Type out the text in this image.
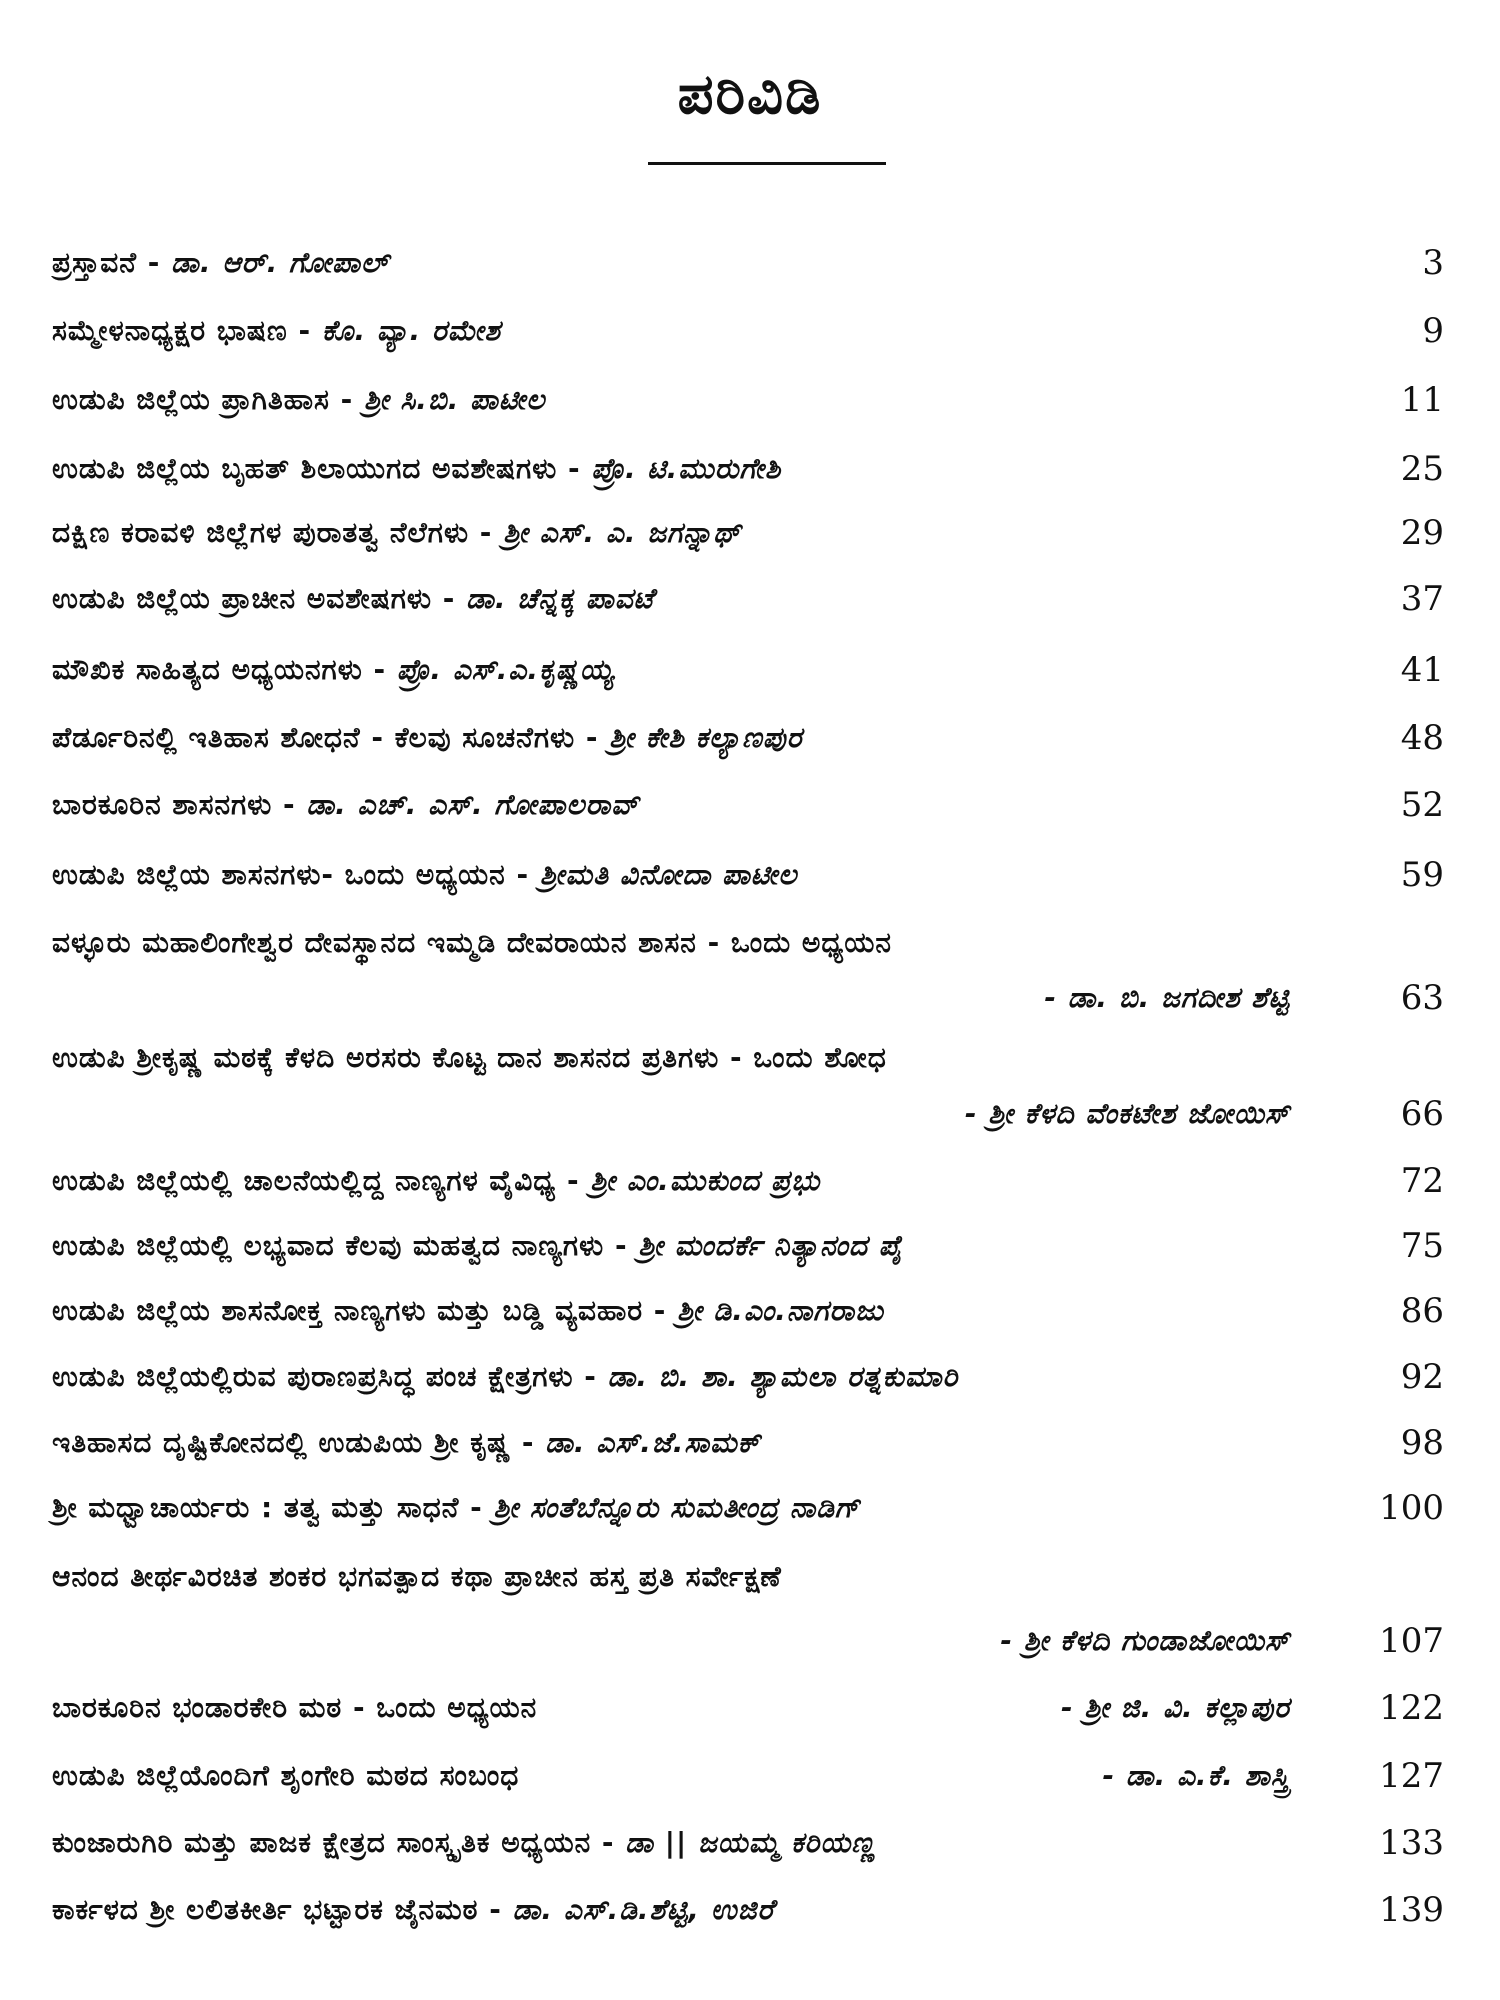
ಪರಿವಿಡಿ
ಪ್ರಸ್ತಾವನೆ - ಡಾ. ಆರ್. ಗೋಪಾಲ್	3
ಸಮ್ಮೇಳನಾಧ್ಯಕ್ಷರ ಭಾಷಣ - ಕೊ. ವ್ಯಾ. ರಮೇಶ	9
ಉಡುಪಿ ಜಿಲ್ಲೆಯ ಪ್ರಾಗಿತಿಹಾಸ - ಶ್ರೀ ಸಿ.ಬಿ. ಪಾಟೀಲ	11
ಉಡುಪಿ ಜಿಲ್ಲೆಯ ಬೃಹತ್ ಶಿಲಾಯುಗದ ಅವಶೇಷಗಳು - ಪ್ರೊ. ಟಿ.ಮುರುಗೇಶಿ	25
ದಕ್ಷಿಣ ಕರಾವಳಿ ಜಿಲ್ಲೆಗಳ ಪುರಾತತ್ವ ನೆಲೆಗಳು - ಶ್ರೀ ಎಸ್. ಎ. ಜಗನ್ನಾಥ್	29
ಉಡುಪಿ ಜಿಲ್ಲೆಯ ಪ್ರಾಚೀನ ಅವಶೇಷಗಳು - ಡಾ. ಚೆನ್ನಕ್ಕ ಪಾವಟೆ	37
ಮೌಖಿಕ ಸಾಹಿತ್ಯದ ಅಧ್ಯಯನಗಳು - ಪ್ರೊ. ಎಸ್.ಎ.ಕೃಷ್ಣಯ್ಯ	41
ಪೆರ್ಡೂರಿನಲ್ಲಿ ಇತಿಹಾಸ ಶೋಧನೆ - ಕೆಲವು ಸೂಚನೆಗಳು - ಶ್ರೀ ಕೇಶಿ ಕಲ್ಯಾಣಪುರ	48
ಬಾರಕೂರಿನ ಶಾಸನಗಳು - ಡಾ. ಎಚ್. ಎಸ್. ಗೋಪಾಲರಾವ್	52
ಉಡುಪಿ ಜಿಲ್ಲೆಯ ಶಾಸನಗಳು- ಒಂದು ಅಧ್ಯಯನ - ಶ್ರೀಮತಿ ವಿನೋದಾ ಪಾಟೀಲ	59
ವಳ್ಳೂರು ಮಹಾಲಿಂಗೇಶ್ವರ ದೇವಸ್ಥಾನದ ಇಮ್ಮಡಿ ದೇವರಾಯನ ಶಾಸನ - ಒಂದು ಅಧ್ಯಯನ
- ಡಾ. ಬಿ. ಜಗದೀಶ ಶೆಟ್ಟಿ	63
ಉಡುಪಿ ಶ್ರೀಕೃಷ್ಣ ಮಠಕ್ಕೆ ಕೆಳದಿ ಅರಸರು ಕೊಟ್ಟ ದಾನ ಶಾಸನದ ಪ್ರತಿಗಳು - ಒಂದು ಶೋಧ
- ಶ್ರೀ ಕೆಳದಿ ವೆಂಕಟೇಶ ಜೋಯಿಸ್	66
ಉಡುಪಿ ಜಿಲ್ಲೆಯಲ್ಲಿ ಚಾಲನೆಯಲ್ಲಿದ್ದ ನಾಣ್ಯಗಳ ವೈವಿಧ್ಯ - ಶ್ರೀ ಎಂ.ಮುಕುಂದ ಪ್ರಭು	72
ಉಡುಪಿ ಜಿಲ್ಲೆಯಲ್ಲಿ ಲಭ್ಯವಾದ ಕೆಲವು ಮಹತ್ವದ ನಾಣ್ಯಗಳು - ಶ್ರೀ ಮಂದರ್ಕೆ ನಿತ್ಯಾನಂದ ಪೈ	75
ಉಡುಪಿ ಜಿಲ್ಲೆಯ ಶಾಸನೋಕ್ತ ನಾಣ್ಯಗಳು ಮತ್ತು ಬಡ್ಡಿ ವ್ಯವಹಾರ - ಶ್ರೀ ಡಿ.ಎಂ.ನಾಗರಾಜು	86
ಉಡುಪಿ ಜಿಲ್ಲೆಯಲ್ಲಿರುವ ಪುರಾಣಪ್ರಸಿದ್ಧ ಪಂಚ ಕ್ಷೇತ್ರಗಳು - ಡಾ. ಬಿ. ಶಾ. ಶ್ಯಾಮಲಾ ರತ್ನಕುಮಾರಿ	92
ಇತಿಹಾಸದ ದೃಷ್ಟಿಕೋನದಲ್ಲಿ ಉಡುಪಿಯ ಶ್ರೀ ಕೃಷ್ಣ - ಡಾ. ಎಸ್.ಜೆ.ಸಾಮಕ್	98
ಶ್ರೀ ಮಧ್ವಾಚಾರ್ಯರು : ತತ್ವ ಮತ್ತು ಸಾಧನೆ - ಶ್ರೀ ಸಂತೆಬೆನ್ನೂರು ಸುಮತೀಂದ್ರ ನಾಡಿಗ್	100
ಆನಂದ ತೀರ್ಥವಿರಚಿತ ಶಂಕರ ಭಗವತ್ಪಾದ ಕಥಾ ಪ್ರಾಚೀನ ಹಸ್ತ ಪ್ರತಿ ಸರ್ವೇಕ್ಷಣೆ
- ಶ್ರೀ ಕೆಳದಿ ಗುಂಡಾಜೋಯಿಸ್	107
ಬಾರಕೂರಿನ ಭಂಡಾರಕೇರಿ ಮಠ - ಒಂದು ಅಧ್ಯಯನ	- ಶ್ರೀ ಜಿ. ವಿ. ಕಲ್ಲಾಪುರ	122
ಉಡುಪಿ ಜಿಲ್ಲೆಯೊಂದಿಗೆ ಶೃಂಗೇರಿ ಮಠದ ಸಂಬಂಧ	- ಡಾ. ಎ.ಕೆ. ಶಾಸ್ತ್ರಿ	127
ಕುಂಜಾರುಗಿರಿ ಮತ್ತು ಪಾಜಕ ಕ್ಷೇತ್ರದ ಸಾಂಸ್ಕೃತಿಕ ಅಧ್ಯಯನ - ಡಾ || ಜಯಮ್ಮ ಕರಿಯಣ್ಣ	133
ಕಾರ್ಕಳದ ಶ್ರೀ ಲಲಿತಕೀರ್ತಿ ಭಟ್ಟಾರಕ ಜೈನಮಠ - ಡಾ. ಎಸ್.ಡಿ.ಶೆಟ್ಟಿ, ಉಜಿರೆ	139
